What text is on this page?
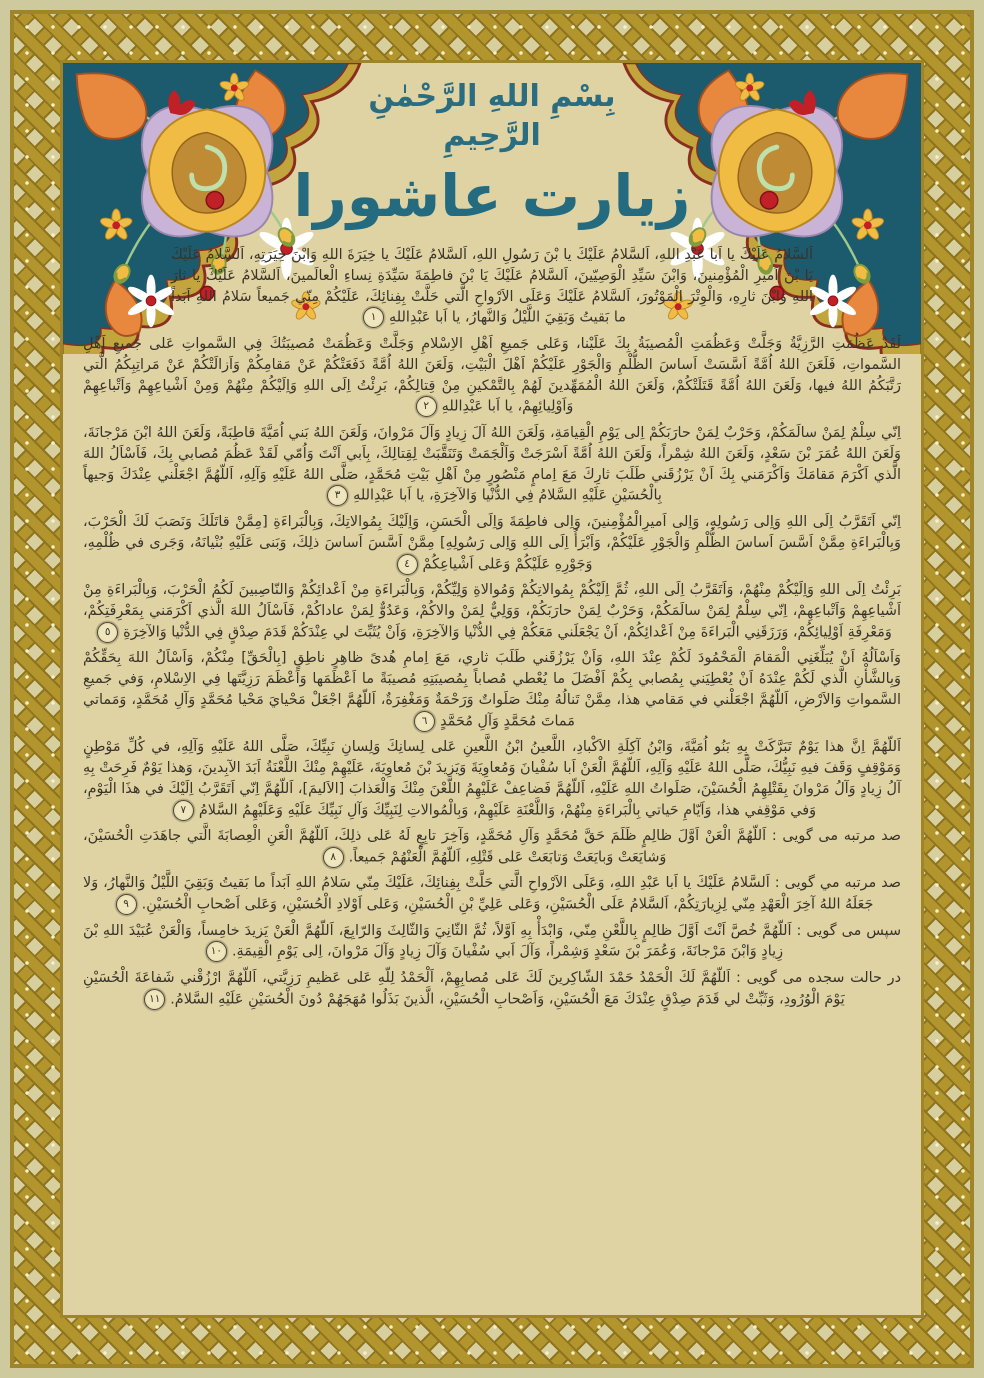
بِسْمِ اللهِ الرَّحْمٰنِ الرَّحِيمِ
زيارت عاشورا

اَلسَّلامُ عَلَيْكَ يا اَبا عَبْدِ اللهِ، اَلسَّلامُ عَلَيْكَ يا بْنَ رَسُولِ اللهِ، اَلسَّلامُ عَلَيْكَ يا خِيَرَةَ اللهِ وَابْنَ خِيَرَتِهِ، اَلسَّلامُ عَلَيْكَ يَا بْنَ اَميرِ الْمُؤْمِنينَ، وَابْنَ سَيِّدِ الْوَصِيّينَ، اَلسَّلامُ عَلَيْكَ يَا بْنَ فاطِمَةَ سَيِّدَةِ نِساءِ الْعالَمينَ، اَلسَّلامُ عَلَيْكَ يا ثارَ اللهِ وَابْنَ ثارِهِ، وَالْوِتْرَ الْمَوْتُورَ، اَلسَّلامُ عَلَيْكَ وَعَلَى الاَرْواحِ الَّتي حَلَّتْ بِفِنائِكَ، عَلَيْكُمْ مِنّي جَميعاً سَلامُ اللهِ اَبَداً ما بَقيتُ وَبَقِيَ اللَّيْلُ وَالنَّهارُ، يا اَبا عَبْدِاللهِ١

لَقَدْ عَظُمَتِ الرَّزِيَّةُ وَجَلَّتْ وَعَظُمَتِ الْمُصيبَةُ بِكَ عَلَيْنا، وَعَلى جَميعِ اَهْلِ الاِسْلامِ وَجَلَّتْ وَعَظُمَتْ مُصيبَتُكَ فِي السَّمواتِ عَلى جَميعِ اَهْلِ السَّمواتِ، فَلَعَنَ اللهُ اُمَّةً اَسَّسَتْ اَساسَ الظُّلْمِ وَالْجَوْرِ عَلَيْكُمْ اَهْلَ الْبَيْتِ، وَلَعَنَ اللهُ اُمَّةً دَفَعَتْكُمْ عَنْ مَقامِكُمْ وَاَزالَتْكُمْ عَنْ مَراتِبِكُمُ الَّتي رَتَّبَكُمُ اللهُ فيها، وَلَعَنَ اللهُ اُمَّةً قَتَلَتْكُمْ، وَلَعَنَ اللهُ الْمُمَهِّدينَ لَهُمْ بِالتَّمْكينِ مِنْ قِتالِكُمْ، بَرِئْتُ اِلَى اللهِ وَاِلَيْكُمْ مِنْهُمْ وَمِنْ اَشْياعِهِمْ وَاَتْباعِهِمْ وَاَوْلِيائِهِمْ، يا اَبا عَبْدِاللهِ٢

اِنّي سِلْمٌ لِمَنْ سالَمَكُمْ، وَحَرْبٌ لِمَنْ حارَبَكُمْ اِلى يَوْمِ الْقِيامَةِ، وَلَعَنَ اللهُ آلَ زِيادٍ وَآلَ مَرْوانَ، وَلَعَنَ اللهُ بَني اُمَيَّةَ قاطِبَةً، وَلَعَنَ اللهُ ابْنَ مَرْجانَةَ، وَلَعَنَ اللهُ عُمَرَ بْنَ سَعْدٍ، وَلَعَنَ اللهُ شِمْراً، وَلَعَنَ اللهُ اُمَّةً اَسْرَجَتْ وَاَلْجَمَتْ وَتَنَقَّبَتْ لِقِتالِكَ، بِاَبي اَنْتَ وَاُمّي لَقَدْ عَظُمَ مُصابي بِكَ، فَاَسْاَلُ اللهَ الَّذي اَكْرَمَ مَقامَكَ وَاَكْرَمَني بِكَ اَنْ يَرْزُقَني طَلَبَ ثارِكَ مَعَ اِمامٍ مَنْصُورٍ مِنْ اَهْلِ بَيْتِ مُحَمَّدٍ، صَلَّى اللهُ عَلَيْهِ وَآلِهِ، اَللّهُمَّ اجْعَلْني عِنْدَكَ وَجيهاً بِالْحُسَيْنِ عَلَيْهِ السَّلامُ فِي الدُّنْيا وَالآخِرَةِ، يا اَبا عَبْدِاللهِ٣

اِنّي اَتَقَرَّبُ اِلَى اللهِ وَاِلى رَسُولِهِ، وَاِلى اَميرِالْمُؤْمِنينَ، وَاِلى فاطِمَةَ وَاِلَى الْحَسَنِ، وَاِلَيْكَ بِمُوالاتِكَ، وَبِالْبَراءَةِ [مِمَّنْ قاتَلَكَ وَنَصَبَ لَكَ الْحَرْبَ، وَبِالْبَراءَةِ مِمَّنْ اَسَّسَ اَساسَ الظُّلْمِ وَالْجَوْرِ عَلَيْكُمْ، وَاَبْرَأُ اِلَى اللهِ وَاِلى رَسُولِهِ] مِمَّنْ اَسَّسَ اَساسَ ذلِكَ، وَبَنى عَلَيْهِ بُنْيانَهُ، وَجَرى في ظُلْمِهِ، وَجَوْرِهِ عَلَيْكُمْ وَعَلى اَشْياعِكُمْ٤

بَرِئْتُ اِلَى اللهِ وَاِلَيْكُمْ مِنْهُمْ، وَاَتَقَرَّبُ اِلَى اللهِ، ثُمَّ اِلَيْكُمْ بِمُوالاتِكُمْ وَمُوالاةِ وَلِيِّكُمْ، وَبِالْبَراءَةِ مِنْ اَعْدائِكُمْ وَالنّاصِبينَ لَكُمُ الْحَرْبَ، وَبِالْبَراءَةِ مِنْ اَشْياعِهِمْ وَاَتْباعِهِمْ، اِنّي سِلْمٌ لِمَنْ سالَمَكُمْ، وَحَرْبٌ لِمَنْ حارَبَكُمْ، وَوَلِيٌّ لِمَنْ والاكُمْ، وَعَدُوٌّ لِمَنْ عاداكُمْ، فَاَسْاَلُ اللهَ الَّذي اَكْرَمَني بِمَعْرِفَتِكُمْ، وَمَعْرِفَةِ اَوْلِيائِكُمْ، وَرَزَقَنِي الْبَراءَةَ مِنْ اَعْدائِكُمْ، اَنْ يَجْعَلَني مَعَكُمْ فِي الدُّنْيا وَالآخِرَةِ، وَاَنْ يُثَبِّتَ لي عِنْدَكُمْ قَدَمَ صِدْقٍ فِي الدُّنْيا وَالآخِرَةِ٥

وَاَسْاَلُهُ اَنْ يُبَلِّغَنِي الْمَقامَ الْمَحْمُودَ لَكُمْ عِنْدَ اللهِ، وَاَنْ يَرْزُقَني طَلَبَ ثاري، مَعَ اِمامِ هُدىً ظاهِرٍ ناطِقٍ [بِالْحَقِّ] مِنْكُمْ، وَاَسْاَلُ اللهَ بِحَقِّكُمْ وَبِالشَّأْنِ الَّذي لَكُمْ عِنْدَهُ اَنْ يُعْطِيَني بِمُصابي بِكُمْ اَفْضَلَ ما يُعْطي مُصاباً بِمُصيبَتِهِ مُصيبَةً ما اَعْظَمَها وَاَعْظَمَ رَزِيَّتَها فِي الاِسْلامِ، وَفي جَميعِ السَّمواتِ وَالاَرْضِ، اَللّهُمَّ اجْعَلْني في مَقامي هذا، مِمَّنْ تَنالُهُ مِنْكَ صَلَواتٌ وَرَحْمَةٌ وَمَغْفِرَةٌ، اَللّهُمَّ اجْعَلْ مَحْيايَ مَحْيا مُحَمَّدٍ وَآلِ مُحَمَّدٍ، وَمَماتي مَماتَ مُحَمَّدٍ وَآلِ مُحَمَّدٍ٦

اَللّهُمَّ اِنَّ هذا يَوْمٌ تَبَرَّكَتْ بِهِ بَنُو اُمَيَّةَ، وَابْنُ آكِلَةِ الاَكْبادِ، اللَّعينُ ابْنُ اللَّعينِ عَلى لِسانِكَ وَلِسانِ نَبِيِّكَ، صَلَّى اللهُ عَلَيْهِ وَآلِهِ، في كُلِّ مَوْطِنٍ وَمَوْقِفٍ وَقَفَ فيهِ نَبِيُّكَ، صَلَّى اللهُ عَلَيْهِ وَآلِهِ، اَللّهُمَّ الْعَنْ اَبا سُفْيانَ وَمُعاوِيَةَ وَيَزيدَ بْنَ مُعاوِيَةَ، عَلَيْهِمْ مِنْكَ اللَّعْنَةُ اَبَدَ الآبِدينَ، وَهذا يَوْمٌ فَرِحَتْ بِهِ آلُ زِيادٍ وَآلُ مَرْوانَ بِقَتْلِهِمُ الْحُسَيْنَ، صَلَواتُ اللهِ عَلَيْهِ، اَللّهُمَّ فَضاعِفْ عَلَيْهِمُ اللَّعْنَ مِنْكَ وَالْعَذابَ [الاَليمَ]، اَللّهُمَّ اِنّي اَتَقَرَّبُ اِلَيْكَ في هذَا الْيَوْمِ، وَفي مَوْقِفي هذا، وَاَيّامِ حَياتي بِالْبَراءَةِ مِنْهُمْ، وَاللَّعْنَةِ عَلَيْهِمْ، وَبِالْمُوالاتِ لِنَبِيِّكَ وَآلِ نَبِيِّكَ عَلَيْهِ وَعَلَيْهِمُ السَّلامُ٧

صد مرتبه مى گويى : اَللّهُمَّ الْعَنْ اَوَّلَ ظالِمٍ ظَلَمَ حَقَّ مُحَمَّدٍ وَآلِ مُحَمَّدٍ، وَآخِرَ تابِعٍ لَهُ عَلى ذلِكَ، اَللّهُمَّ الْعَنِ الْعِصابَةَ الَّتي جاهَدَتِ الْحُسَيْنَ، وَشايَعَتْ وَبايَعَتْ وَتابَعَتْ عَلى قَتْلِهِ، اَللّهُمَّ الْعَنْهُمْ جَميعاً.٨

صد مرتبه مي گويى : اَلسَّلامُ عَلَيْكَ يا اَبا عَبْدِ اللهِ، وَعَلَى الاَرْواحِ الَّتي حَلَّتْ بِفِنائِكَ، عَلَيْكَ مِنّي سَلامُ اللهِ اَبَداً ما بَقيتُ وَبَقِيَ اللَّيْلُ وَالنَّهارُ، وَلا جَعَلَهُ اللهُ آخِرَ الْعَهْدِ مِنّي لِزِيارَتِكُمْ، اَلسَّلامُ عَلَى الْحُسَيْنِ، وَعَلى عَلِيِّ بْنِ الْحُسَيْنِ، وَعَلى اَوْلادِ الْحُسَيْنِ، وَعَلى اَصْحابِ الْحُسَيْنِ.٩

سپس مى گويى : اَللّهُمَّ خُصَّ اَنْتَ اَوَّلَ ظالِمٍ بِاللَّعْنِ مِنّي، وَابْدَأْ بِهِ اَوَّلاً، ثُمَّ الثّانِيَ وَالثّالِثَ وَالرّابِعَ، اَللّهُمَّ الْعَنْ يَزيدَ خامِساً، وَالْعَنْ عُبَيْدَ اللهِ بْنَ زِيادٍ وَابْنَ مَرْجانَةَ، وَعُمَرَ بْنَ سَعْدٍ وَشِمْراً، وَآلَ اَبي سُفْيانَ وَآلَ زِيادٍ وَآلَ مَرْوانَ، اِلى يَوْمِ الْقِيمَةِ.١٠

در حالت سجده مى گويى : اَللّهُمَّ لَكَ الْحَمْدُ حَمْدَ الشّاكِرينَ لَكَ عَلى مُصابِهِمْ، اَلْحَمْدُ لِلّهِ عَلى عَظيمِ رَزِيَّتي، اَللّهُمَّ ارْزُقْني شَفاعَةَ الْحُسَيْنِ يَوْمَ الْوُرُودِ، وَثَبِّتْ لي قَدَمَ صِدْقٍ عِنْدَكَ مَعَ الْحُسَيْنِ، وَاَصْحابِ الْحُسَيْنِ، الَّذينَ بَذَلُوا مُهَجَهُمْ دُونَ الْحُسَيْنِ عَلَيْهِ السَّلامُ.١١
